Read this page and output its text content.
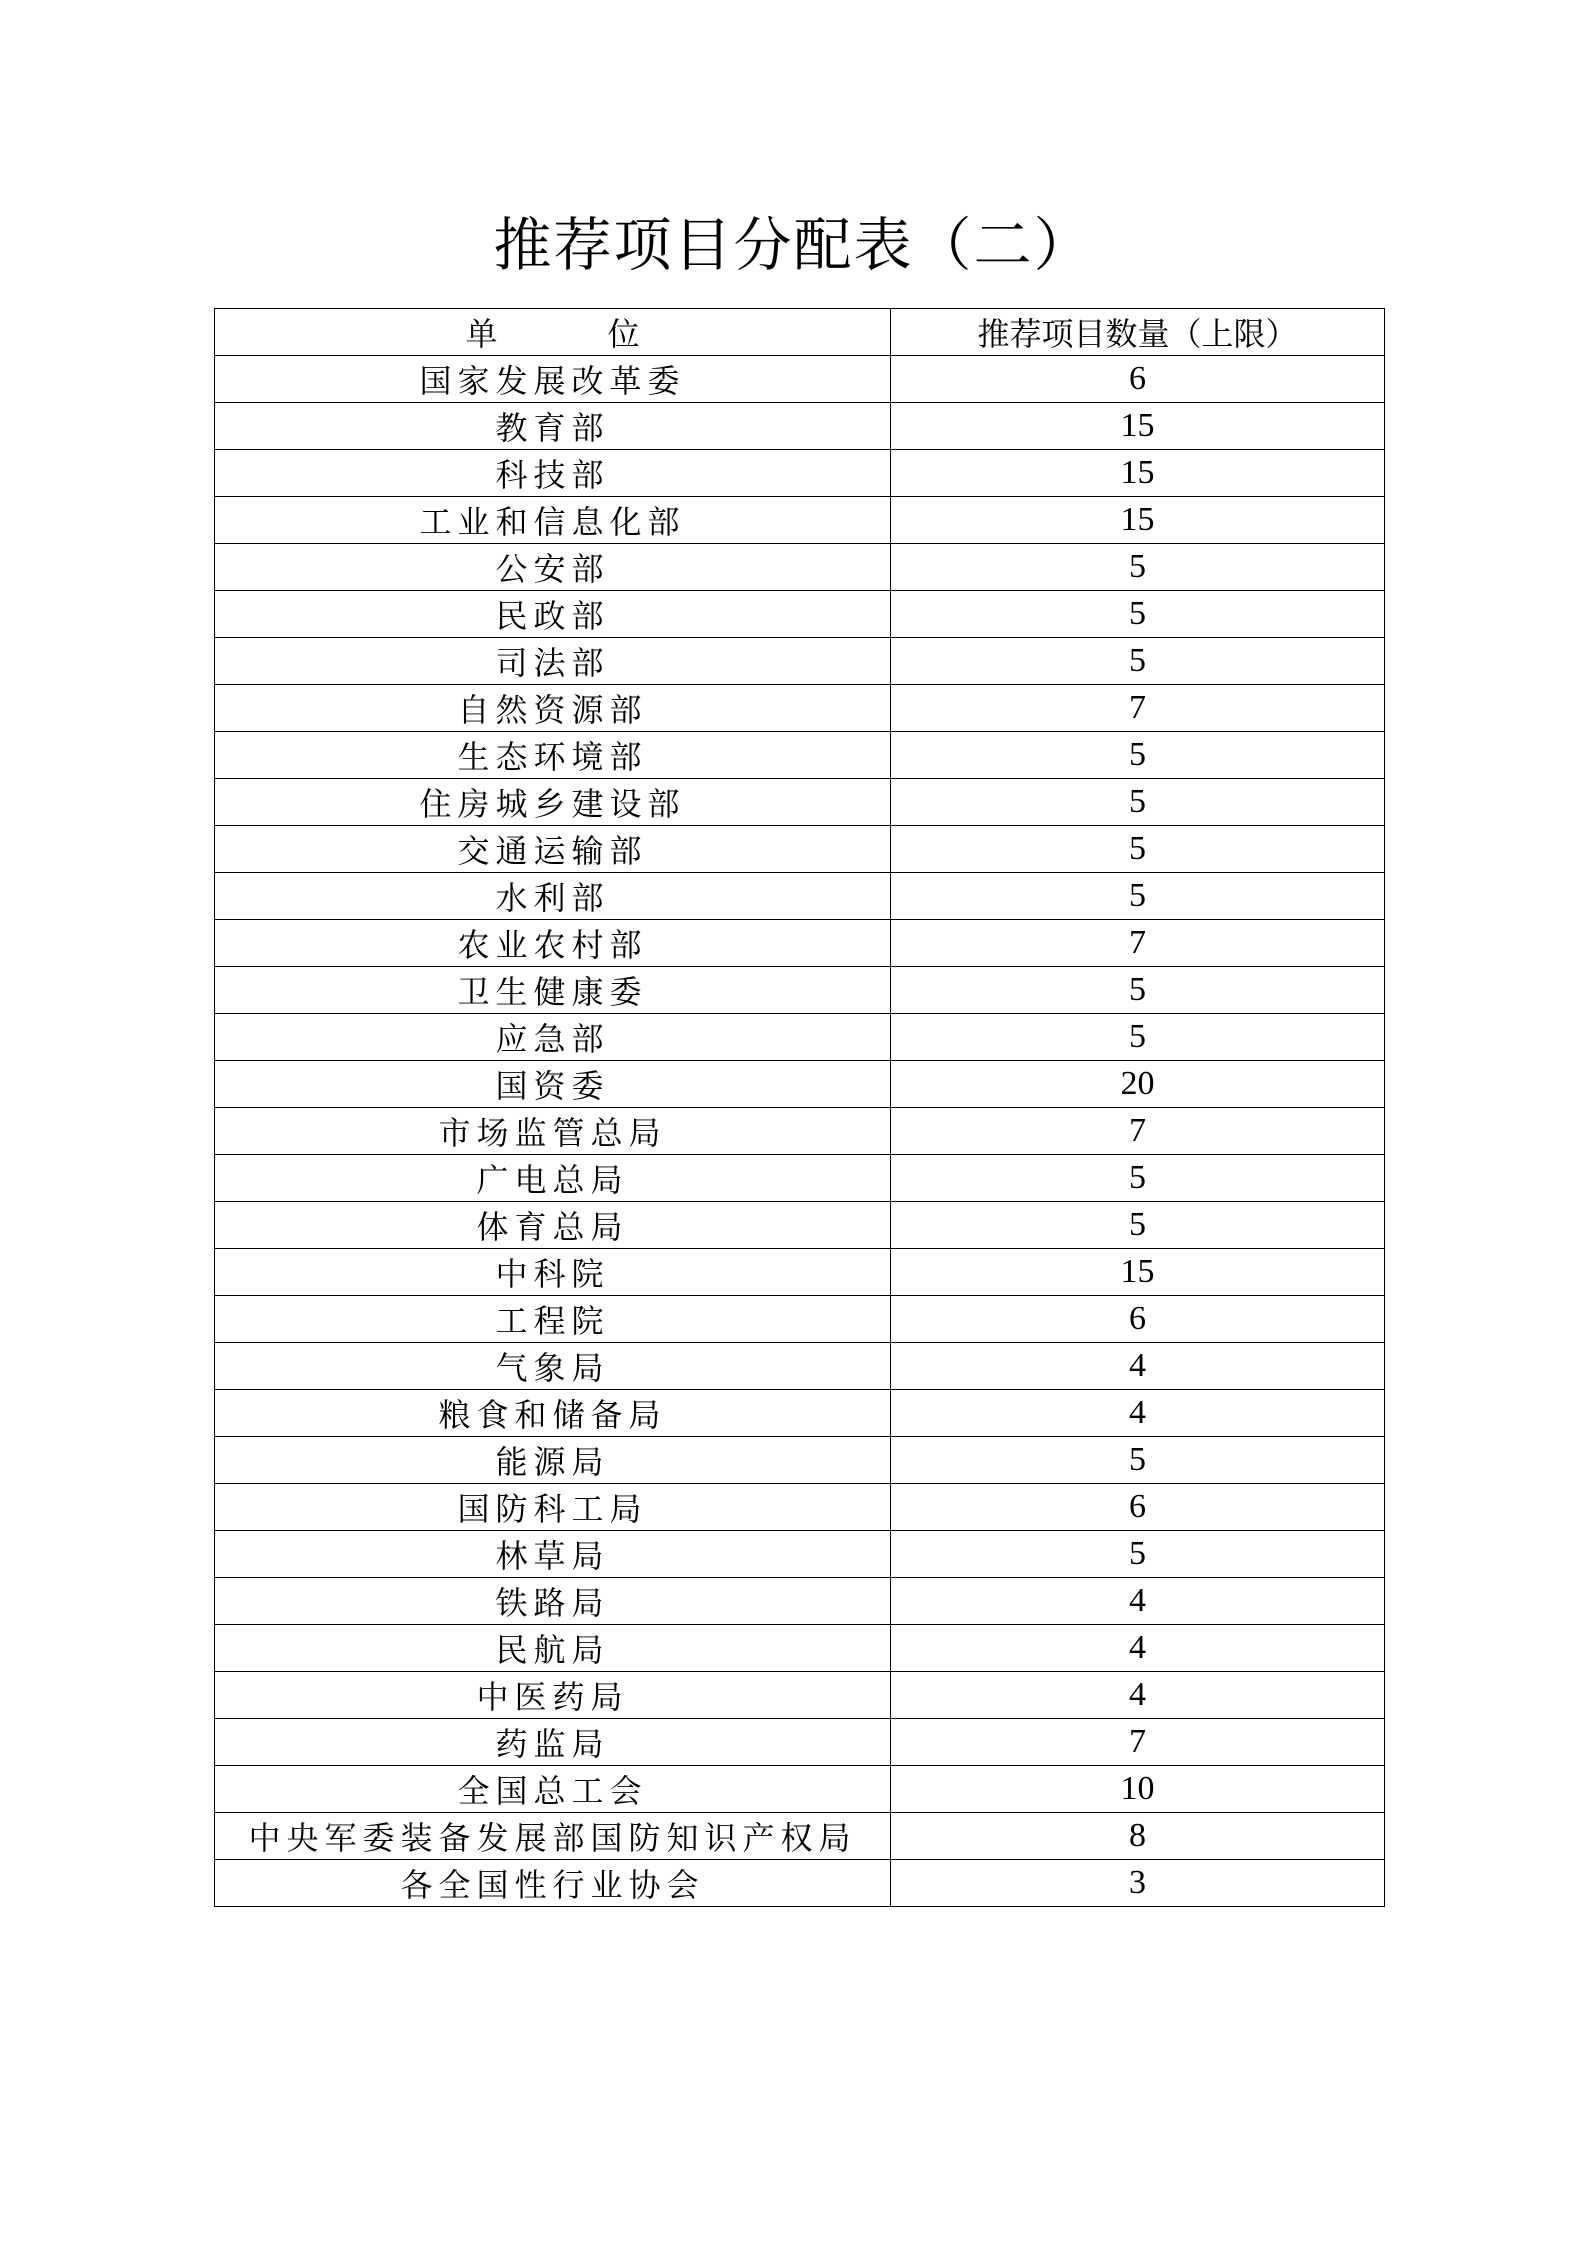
推荐项目分配表（二）
单 位	推荐项目数量（上限）
国家发展改革委	6
教育部	15
科技部	15
工业和信息化部	15
公安部	5
民政部	5
司法部	5
自然资源部	7
生态环境部	5
住房城乡建设部	5
交通运输部	5
水利部	5
农业农村部	7
卫生健康委	5
应急部	5
国资委	20
市场监管总局	7
广电总局	5
体育总局	5
中科院	15
工程院	6
气象局	4
粮食和储备局	4
能源局	5
国防科工局	6
林草局	5
铁路局	4
民航局	4
中医药局	4
药监局	7
全国总工会	10
中央军委装备发展部国防知识产权局	8
各全国性行业协会	3
